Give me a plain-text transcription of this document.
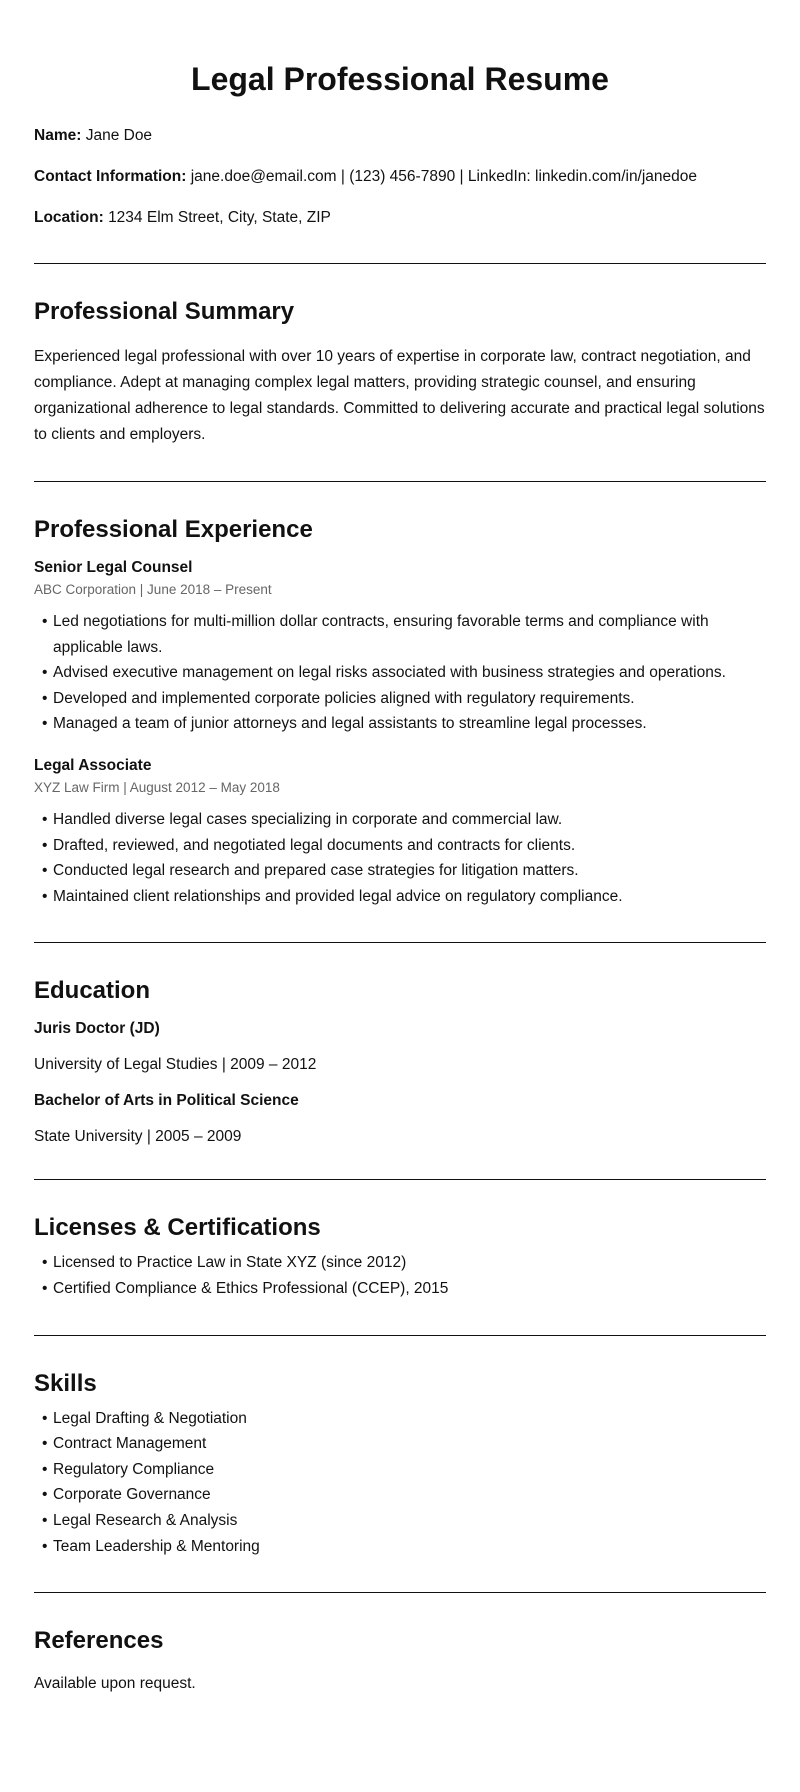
Legal Professional Resume

Name: Jane Doe

Contact Information: jane.doe@email.com | (123) 456-7890 | LinkedIn: linkedin.com/in/janedoe

Location: 1234 Elm Street, City, State, ZIP

Professional Summary

Experienced legal professional with over 10 years of expertise in corporate law, contract negotiation, and compliance. Adept at managing complex legal matters, providing strategic counsel, and ensuring organizational adherence to legal standards. Committed to delivering accurate and practical legal solutions to clients and employers.

Professional Experience

Senior Legal Counsel

ABC Corporation | June 2018 – Present

• Led negotiations for multi-million dollar contracts, ensuring favorable terms and compliance with applicable laws.
• Advised executive management on legal risks associated with business strategies and operations.
• Developed and implemented corporate policies aligned with regulatory requirements.
• Managed a team of junior attorneys and legal assistants to streamline legal processes.

Legal Associate

XYZ Law Firm | August 2012 – May 2018

• Handled diverse legal cases specializing in corporate and commercial law.
• Drafted, reviewed, and negotiated legal documents and contracts for clients.
• Conducted legal research and prepared case strategies for litigation matters.
• Maintained client relationships and provided legal advice on regulatory compliance.
Education

Juris Doctor (JD)

University of Legal Studies | 2009 – 2012

Bachelor of Arts in Political Science

State University | 2005 – 2009

Licenses & Certifications
• Licensed to Practice Law in State XYZ (since 2012)
• Certified Compliance & Ethics Professional (CCEP), 2015
Skills
• Legal Drafting & Negotiation
• Contract Management
• Regulatory Compliance
• Corporate Governance
• Legal Research & Analysis
• Team Leadership & Mentoring
References

Available upon request.
